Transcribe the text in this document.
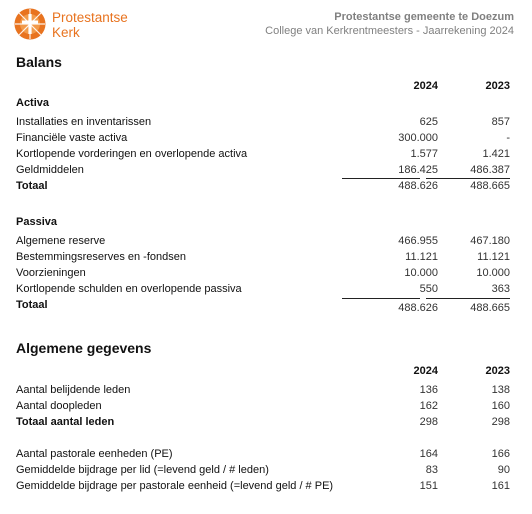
Protestantse
Kerk
Protestantse gemeente te Doezum
College van Kerkrentmeesters - Jaarrekening 2024
Balans
2024	2023
Activa
Installaties en inventarissen	625	857
Financiële vaste activa	300.000	-
Kortlopende vorderingen en overlopende activa	1.577	1.421
Geldmiddelen	186.425	486.387
Totaal	488.626	488.665
Passiva
Algemene reserve	466.955	467.180
Bestemmingsreserves en -fondsen	11.121	11.121
Voorzieningen	10.000	10.000
Kortlopende schulden en overlopende passiva	550	363
Totaal	488.626	488.665
Algemene gegevens
2024	2023
Aantal belijdende leden	136	138
Aantal doopleden	162	160
Totaal aantal leden	298	298
Aantal pastorale eenheden (PE)	164	166
Gemiddelde bijdrage per lid (=levend geld / # leden)	83	90
Gemiddelde bijdrage per pastorale eenheid (=levend geld / # PE)	151	161
